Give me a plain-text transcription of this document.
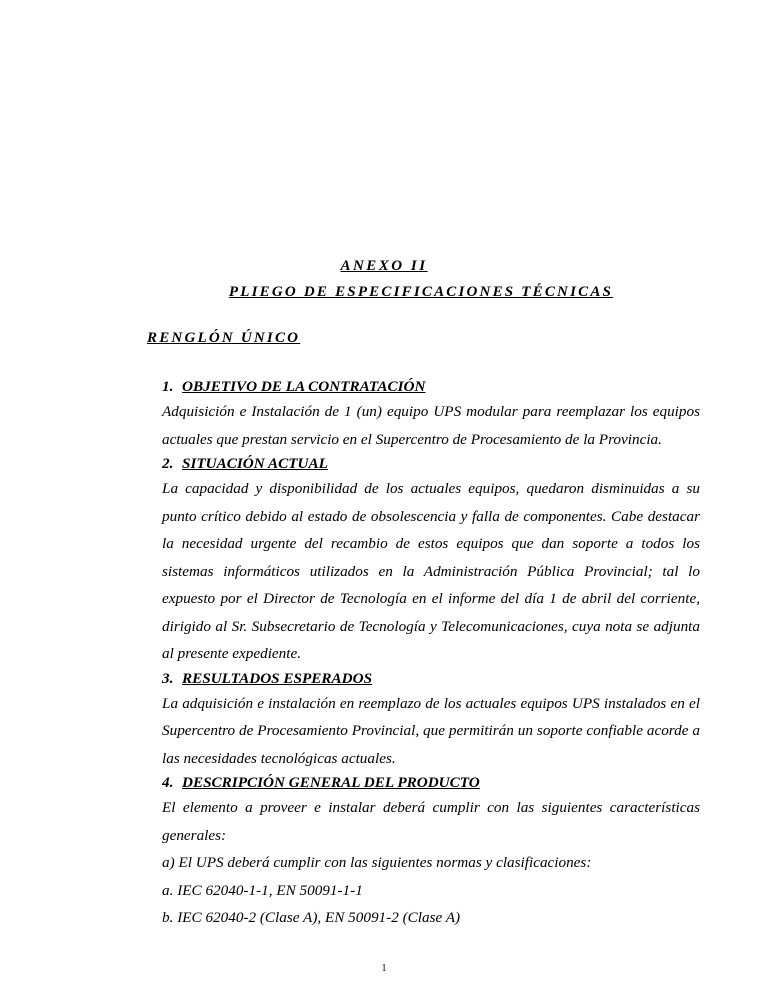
ANEXO II
PLIEGO DE ESPECIFICACIONES TÉCNICAS
RENGLÓN ÚNICO

1. OBJETIVO DE LA CONTRATACIÓN

Adquisición e Instalación de 1 (un) equipo UPS modular para reemplazar los equipos actuales que prestan servicio en el Supercentro de Procesamiento de la Provincia.

2. SITUACIÓN ACTUAL

La capacidad y disponibilidad de los actuales equipos, quedaron disminuidas a su punto crítico debido al estado de obsolescencia y falla de componentes. Cabe destacar la necesidad urgente del recambio de estos equipos que dan soporte a todos los sistemas informáticos utilizados en la Administración Pública Provincial; tal lo expuesto por el Director de Tecnología en el informe del día 1 de abril del corriente, dirigido al Sr. Subsecretario de Tecnología y Telecomunicaciones, cuya nota se adjunta al presente expediente.

3. RESULTADOS ESPERADOS

La adquisición e instalación en reemplazo de los actuales equipos UPS instalados en el Supercentro de Procesamiento Provincial, que permitirán un soporte confiable acorde a las necesidades tecnológicas actuales.

4. DESCRIPCIÓN GENERAL DEL PRODUCTO

El elemento a proveer e instalar deberá cumplir con las siguientes características generales:

a) El UPS deberá cumplir con las siguientes normas y clasificaciones:

a. IEC 62040-1-1, EN 50091-1-1

b. IEC 62040-2 (Clase A), EN 50091-2 (Clase A)

1
